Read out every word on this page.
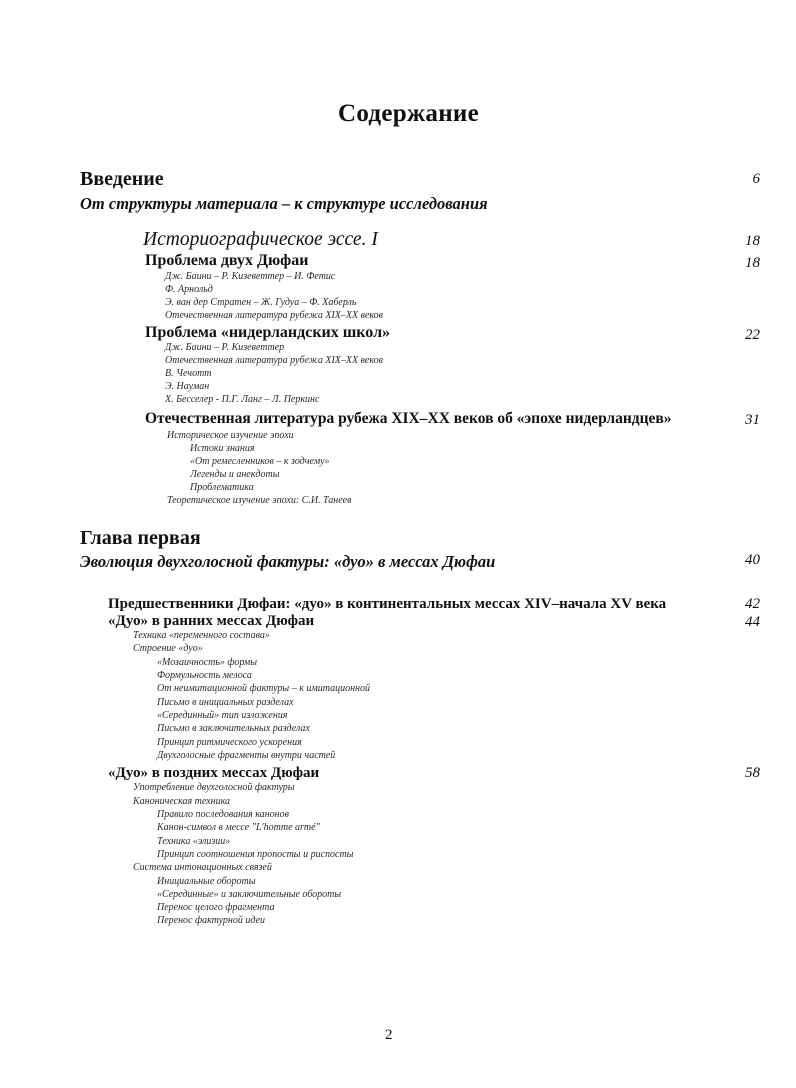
Содержание
Введение	6
От структуры материала – к структуре исследования
Историографическое эссе. I	18
Проблема двух Дюфаи	18
Дж. Баини – Р. Кизеветтер – И. Фетис
Ф. Арнольд
Э. ван дер Стратен – Ж. Гудуа – Ф. Хаберль
Отечественная литература рубежа XIX–XX веков
Проблема «нидерландских школ»	22
Дж. Баини – Р. Кизеветтер
Отечественная литература рубежа XIX–XX веков
В. Чечотт
Э. Науман
Х. Бесселер - П.Г. Ланг – Л. Перкинс
Отечественная литература рубежа XIX–XX веков об «эпохе нидерландцев»	31
Историческое изучение эпохи
Истоки знания
«От ремесленников – к зодчему»
Легенды и анекдоты
Проблематика
Теоретическое изучение эпохи: С.И. Танеев
Глава первая
Эволюция двухголосной фактуры: «дуо» в мессах Дюфаи	40
Предшественники Дюфаи: «дуо» в континентальных мессах XIV–начала XV века	42
«Дуо» в ранних мессах Дюфаи	44
Техника «переменного состава»
Строение «дуо»
«Мозаичность» формы
Формульность мелоса
От неимитационной фактуры – к имитационной
Письмо в инициальных разделах
«Серединный» тип изложения
Письмо в заключительных разделах
Принцип ритмического ускорения
Двухголосные фрагменты внутри частей
«Дуо» в поздних мессах Дюфаи	58
Употребление двухголосной фактуры
Каноническая техника
Правило последования канонов
Канон-символ в мессе "L'homme armé"
Техника «элизии»
Принцип соотношения пропосты и риспосты
Система интонационных связей
Инициальные обороты
«Серединные» и заключительные обороты
Перенос целого фрагмента
Перенос фактурной идеи
2
